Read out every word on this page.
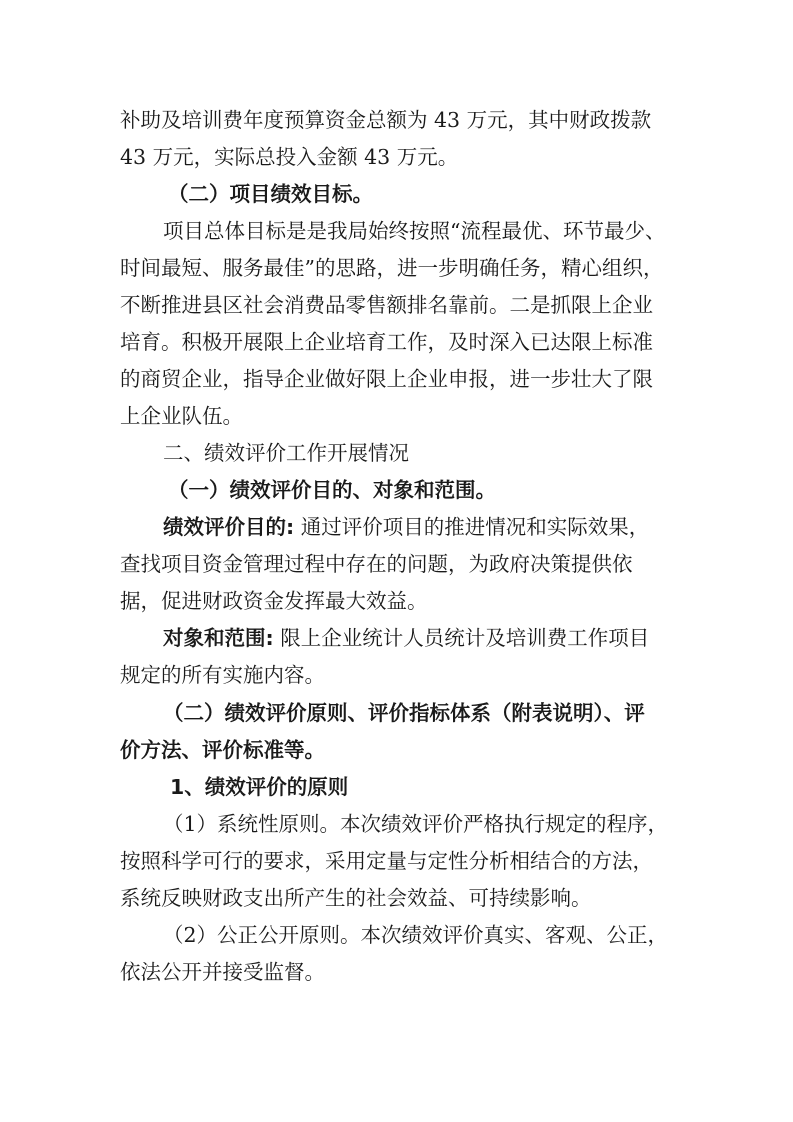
补助及培训费年度预算资金总额为 43 万元，其中财政拨款
43 万元，实际总投入金额 43 万元。
（二）项目绩效目标。
项目总体目标是是我局始终按照“流程最优、环节最少、
时间最短、服务最佳”的思路，进一步明确任务，精心组织，
不断推进县区社会消费品零售额排名靠前。二是抓限上企业
培育。积极开展限上企业培育工作，及时深入已达限上标准
的商贸企业，指导企业做好限上企业申报，进一步壮大了限
上企业队伍。
二、绩效评价工作开展情况
（一）绩效评价目的、对象和范围。
绩效评价目的: 通过评价项目的推进情况和实际效果，
查找项目资金管理过程中存在的问题，为政府决策提供依
据，促进财政资金发挥最大效益。
对象和范围: 限上企业统计人员统计及培训费工作项目
规定的所有实施内容。
（二）绩效评价原则、评价指标体系（附表说明）、评
价方法、评价标准等。
1、绩效评价的原则
（1）系统性原则。本次绩效评价严格执行规定的程序，
按照科学可行的要求，采用定量与定性分析相结合的方法，
系统反映财政支出所产生的社会效益、可持续影响。
（2）公正公开原则。本次绩效评价真实、客观、公正，
依法公开并接受监督。
